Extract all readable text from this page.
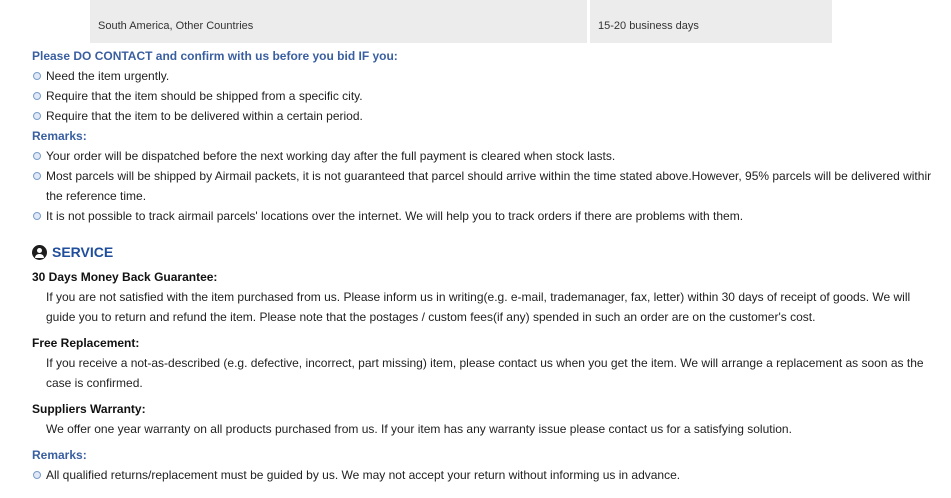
South America, Other Countries	15-20 business days
Please DO CONTACT and confirm with us before you bid IF you:
Need the item urgently.
Require that the item should be shipped from a specific city.
Require that the item to be delivered within a certain period.
Remarks:
Your order will be dispatched before the next working day after the full payment is cleared when stock lasts.
Most parcels will be shipped by Airmail packets, it is not guaranteed that parcel should arrive within the time stated above.However, 95% parcels will be delivered withir the reference time.
It is not possible to track airmail parcels' locations over the internet. We will help you to track orders if there are problems with them.
SERVICE
30 Days Money Back Guarantee:
If you are not satisfied with the item purchased from us. Please inform us in writing(e.g. e-mail, trademanager, fax, letter) within 30 days of receipt of goods. We will guide you to return and refund the item. Please note that the postages / custom fees(if any) spended in such an order are on the customer's cost.
Free Replacement:
If you receive a not-as-described (e.g. defective, incorrect, part missing) item, please contact us when you get the item. We will arrange a replacement as soon as the case is confirmed.
Suppliers Warranty:
We offer one year warranty on all products purchased from us. If your item has any warranty issue please contact us for a satisfying solution.
Remarks:
All qualified returns/replacement must be guided by us. We may not accept your return without informing us in advance.
